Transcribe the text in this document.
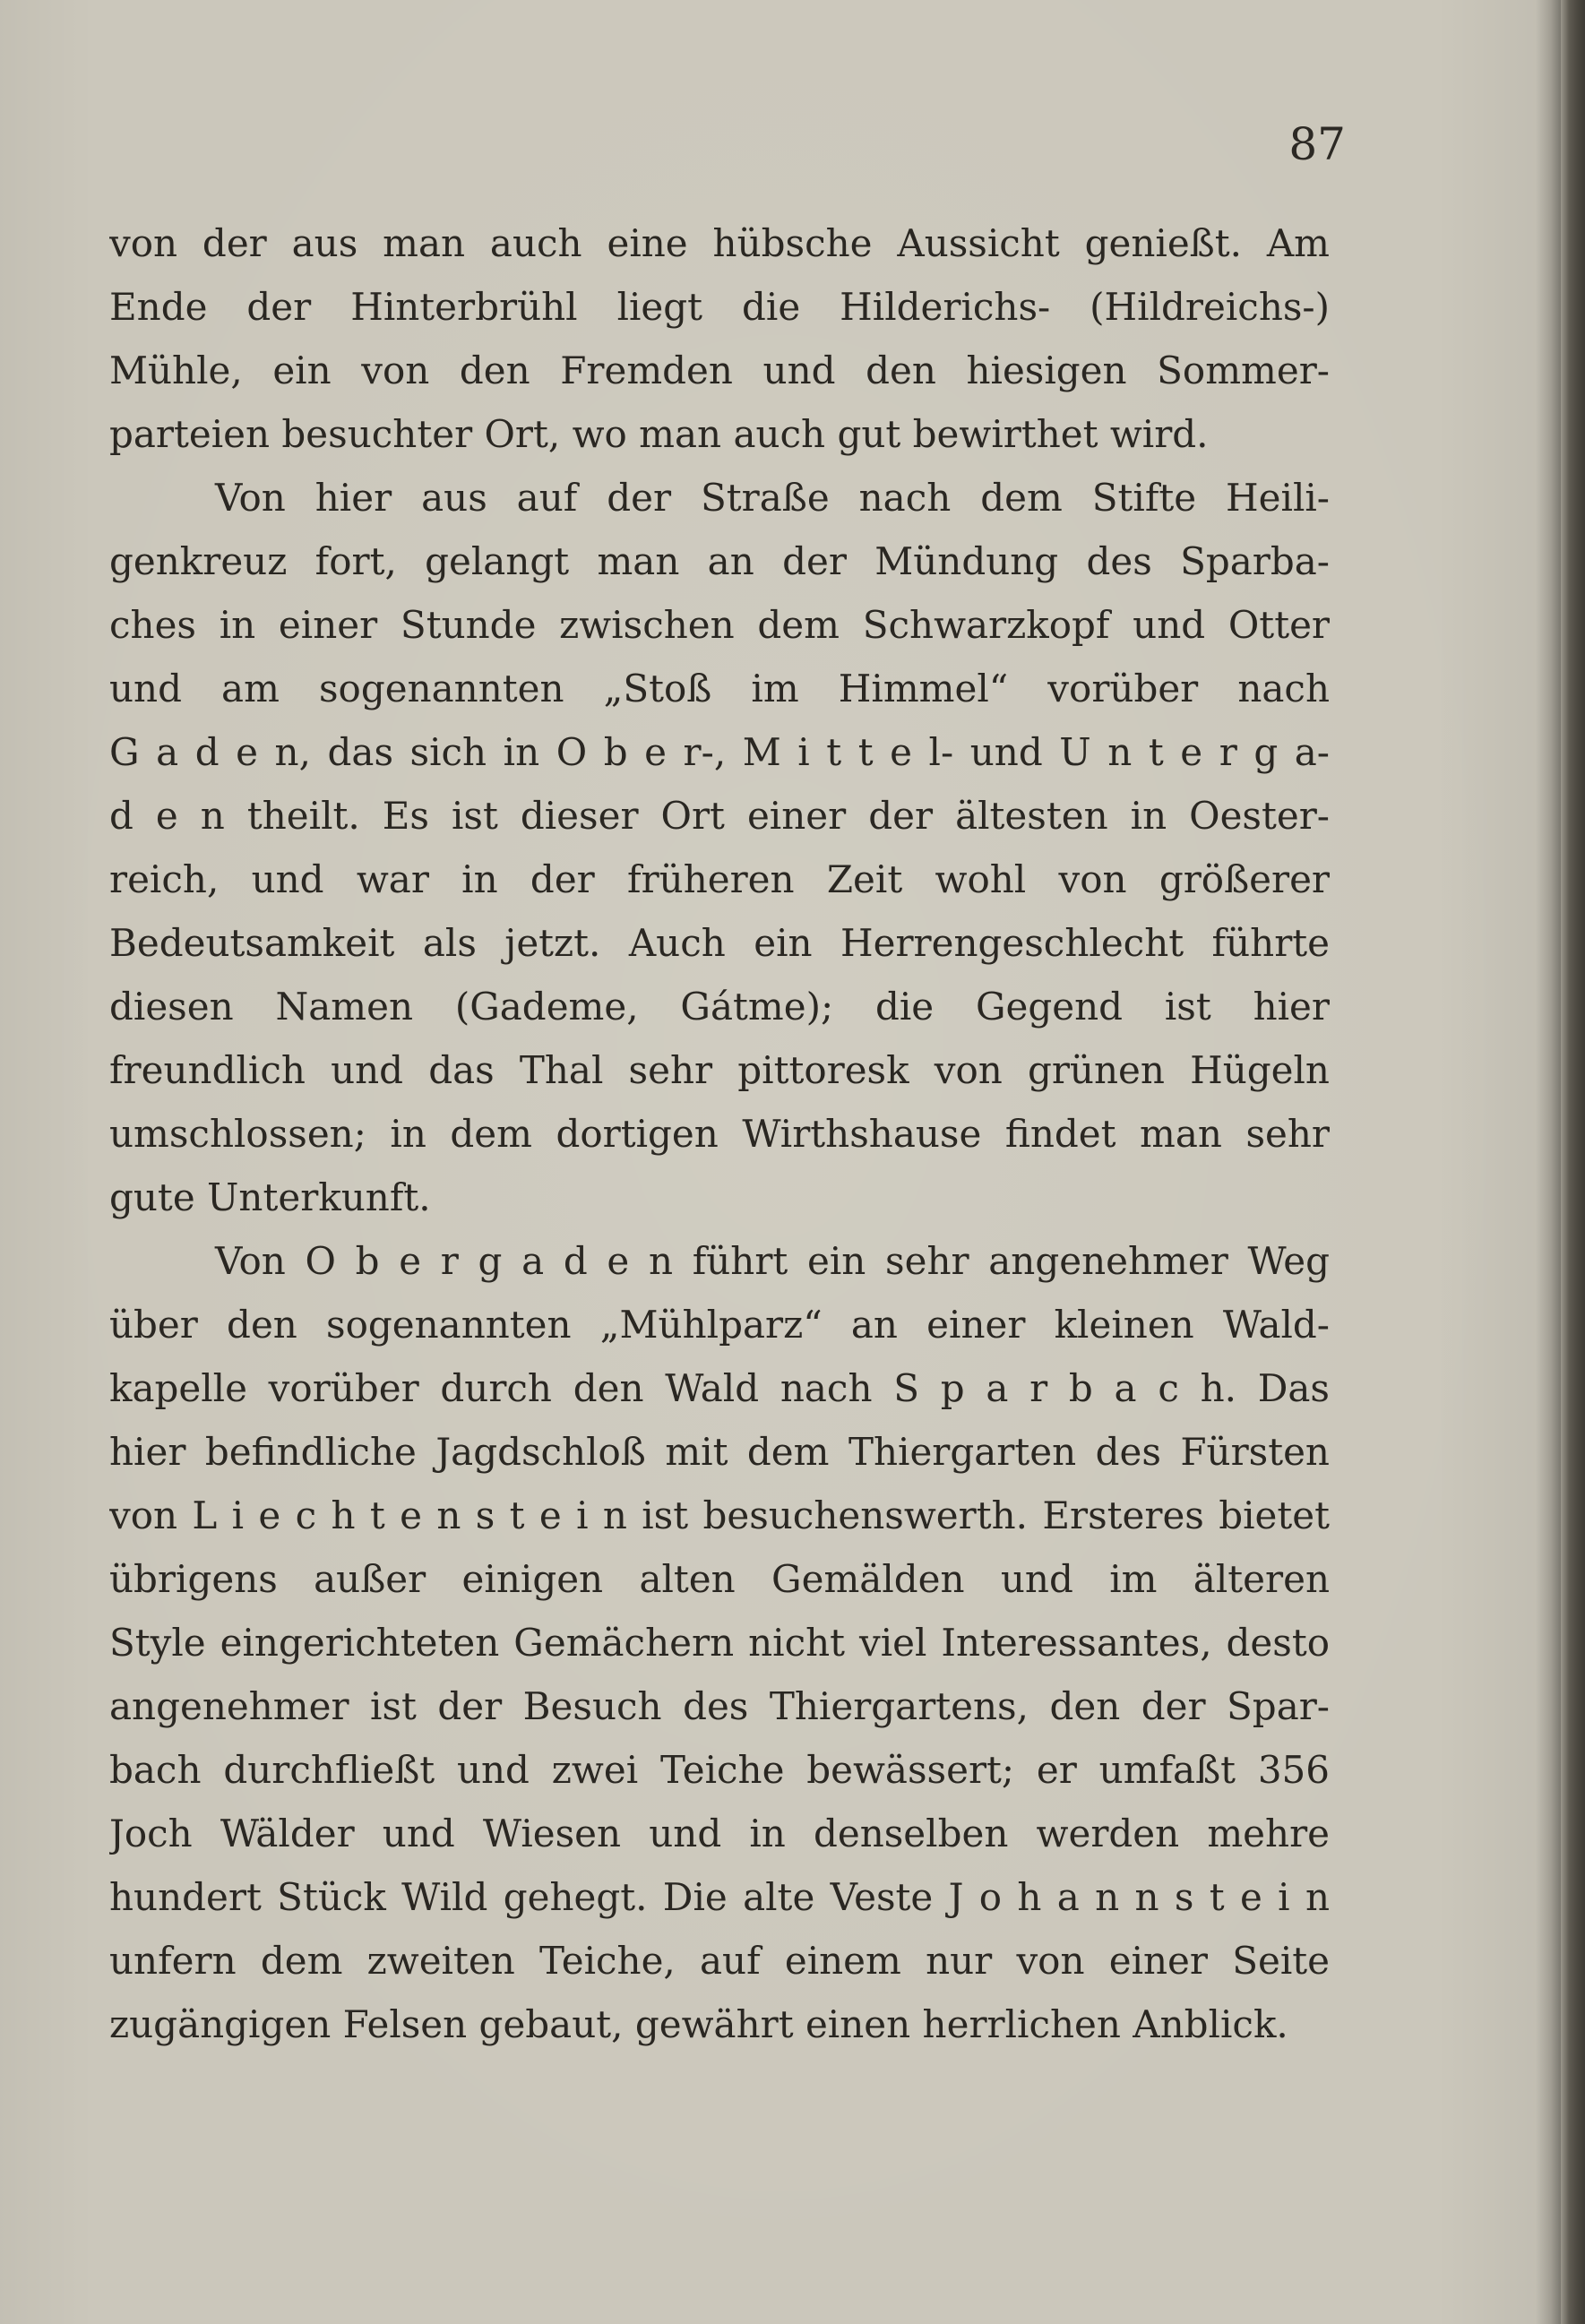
87
von der aus man auch eine hübsche Aussicht genießt. Am
Ende der Hinterbrühl liegt die Hilderichs- (Hildreichs-)
Mühle, ein von den Fremden und den hiesigen Sommer-
parteien besuchter Ort, wo man auch gut bewirthet wird.
Von hier aus auf der Straße nach dem Stifte Heili-
genkreuz fort, gelangt man an der Mündung des Sparba-
ches in einer Stunde zwischen dem Schwarzkopf und Otter
und am sogenannten „Stoß im Himmel“ vorüber nach
G a d e n, das sich in O b e r-, M i t t e l- und U n t e r g a-
d e n theilt. Es ist dieser Ort einer der ältesten in Oester-
reich, und war in der früheren Zeit wohl von größerer
Bedeutsamkeit als jetzt. Auch ein Herrengeschlecht führte
diesen Namen (Gademe, Gátme); die Gegend ist hier
freundlich und das Thal sehr pittoresk von grünen Hügeln
umschlossen; in dem dortigen Wirthshause findet man sehr
gute Unterkunft.
Von O b e r g a d e n führt ein sehr angenehmer Weg
über den sogenannten „Mühlparz“ an einer kleinen Wald-
kapelle vorüber durch den Wald nach S p a r b a c h. Das
hier befindliche Jagdschloß mit dem Thiergarten des Fürsten
von L i e c h t e n s t e i n ist besuchenswerth. Ersteres bietet
übrigens außer einigen alten Gemälden und im älteren
Style eingerichteten Gemächern nicht viel Interessantes, desto
angenehmer ist der Besuch des Thiergartens, den der Spar-
bach durchfließt und zwei Teiche bewässert; er umfaßt 356
Joch Wälder und Wiesen und in denselben werden mehre
hundert Stück Wild gehegt. Die alte Veste J o h a n n s t e i n
unfern dem zweiten Teiche, auf einem nur von einer Seite
zugängigen Felsen gebaut, gewährt einen herrlichen Anblick.
